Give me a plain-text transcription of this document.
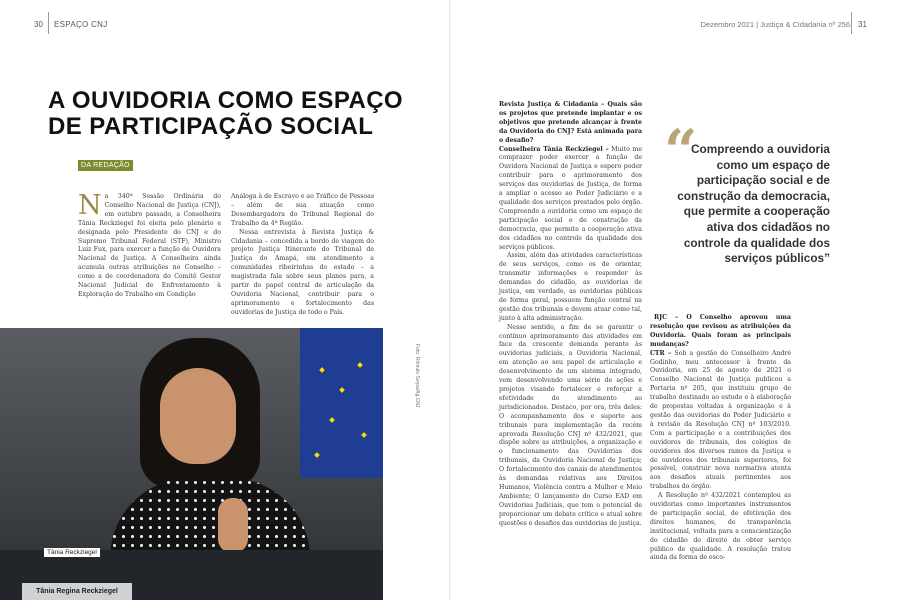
30 ESPAÇO CNJ	Dezembro 2021 | Justiça & Cidadania nº 256 31
A OUVIDORIA COMO ESPAÇO DE PARTICIPAÇÃO SOCIAL
DA REDAÇÃO
N a 340ª Sessão Ordinária do Conselho Nacional de Justiça (CNJ), em outubro passado, a Conselheira Tânia Reckziegel foi eleita pelo plenário e designada pelo Presidente do CNJ e do Supremo Tribunal Federal (STF), Ministro Luiz Fux, para exercer a função de Ouvidora Nacional de Justiça. A Conselheira ainda acumula outras atribuições no Conselho – como a de coordenadora do Comitê Gestor Nacional Judicial de Enfrentamento à Exploração do Trabalho em Condição

Análoga à de Escravo e ao Tráfico de Pessoas – além de sua atuação como Desembargadora do Tribunal Regional do Trabalho da 4ª Região.

Nessa entrevista à Revista Justiça & Cidadania – concedida a bordo de viagem do projeto Justiça Itinerante do Tribunal de Justiça do Amapá, em atendimento a comunidades ribeirinhas do estado – a magistrada fala sobre seus planos para, a partir do papel central de articulação da Ouvidoria Nacional, contribuir para o aprimoramento e fortalecimento das ouvidorias de Justiça de todo o País.

Tânia Regina Reckziegel
Tânia Reckziegel
Foto: Rômulo Serpa/Ag.CNJ

Revista Justiça & Cidadania – Quais são os projetos que pretende implantar e os objetivos que pretende alcançar à frente da Ouvidoria do CNJ? Está animada para o desafio?

Conselheira Tânia Reckziegel – Muito me comprazer poder exercer a função de Ouvidora Nacional de Justiça e espero poder contribuir para o aprimoramento dos serviços das ouvidorias de Justiça, de forma a ampliar o acesso ao Poder Judiciário e a qualidade dos serviços prestados pelo órgão. Compreendo a ouvidoria como um espaço de participação social e de construção da democracia, que permite a cooperação ativa dos cidadãos no controle da qualidade dos serviços públicos.

Assim, além das atividades características de seus serviços, como os de orientar, transmitir informações e responder às demandas do cidadão, as ouvidorias de justiça, em verdade, as ouvidorias públicas de forma geral, possuem função central na gestão dos tribunais e devem atuar como tal, junto à alta administração.

Nesse sentido, a fim de se garantir o contínuo aprimoramento das atividades em face da crescente demanda perante às ouvidorias judiciais, a Ouvidoria Nacional, em atenção ao seu papel de articulação e desenvolvimento de um sistema integrado, vem desenvolvendo uma série de ações e projetos visando fortalecer e reforçar a efetividade do atendimento ao jurisdicionados. Destaco, por ora, três deles: O acompanhamento dos e suporte aos tribunais para implementação da recém aprovada Resolução CNJ nº 432/2021, que dispõe sobre as atribuições, a organização e o funcionamento das Ouvidorias dos tribunais, da Ouvidoria Nacional de Justiça; O fortalecimento dos canais de atendimentos às demandas relativas aos Direitos Humanos, Violência contra a Mulher e Meio Ambiente; O lançamento do Curso EAD em Ouvidorias Judiciais, que tem o potencial de proporcionar um debate crítico e atual sobre questões e desafios das ouvidorias de justiça.

“
Compreendo a ouvidoria como um espaço de participação social e de construção da democracia, que permite a cooperação ativa dos cidadãos no controle da qualidade dos serviços públicos”

RJC – O Conselho aprovou uma resolução que revisou as atribuições da Ouvidoria. Quais foram as principais mudanças?

CTR – Sob a gestão do Conselheiro André Godinho, meu antecessor à frente da Ouvidoria, em 25 de agosto de 2021 o Conselho Nacional de Justiça publicou a Portaria nº 205, que instituiu grupo de trabalho destinado ao estudo e à elaboração de propostas voltadas à organização e à gestão das ouvidorias do Poder Judiciário e à revisão da Resolução CNJ nº 103/2010. Com a participação e a contribuições dos ouvidores de tribunais, dos colégios de ouvidores dos diversos ramos da Justiça e de ouvidores dos tribunais superiores, foi possível, construir nova normativa atenta aos desafios atuais pertinentes aos trabalhos do órgão.

A Resolução nº 432/2021 contemplou as ouvidorias como importantes instrumentos de participação social, de efetivação dos direitos humanos, de transparência institucional, voltada para a conscientização do cidadão do direito de obter serviço público de qualidade. A resolução tratou ainda da forma de esco-
